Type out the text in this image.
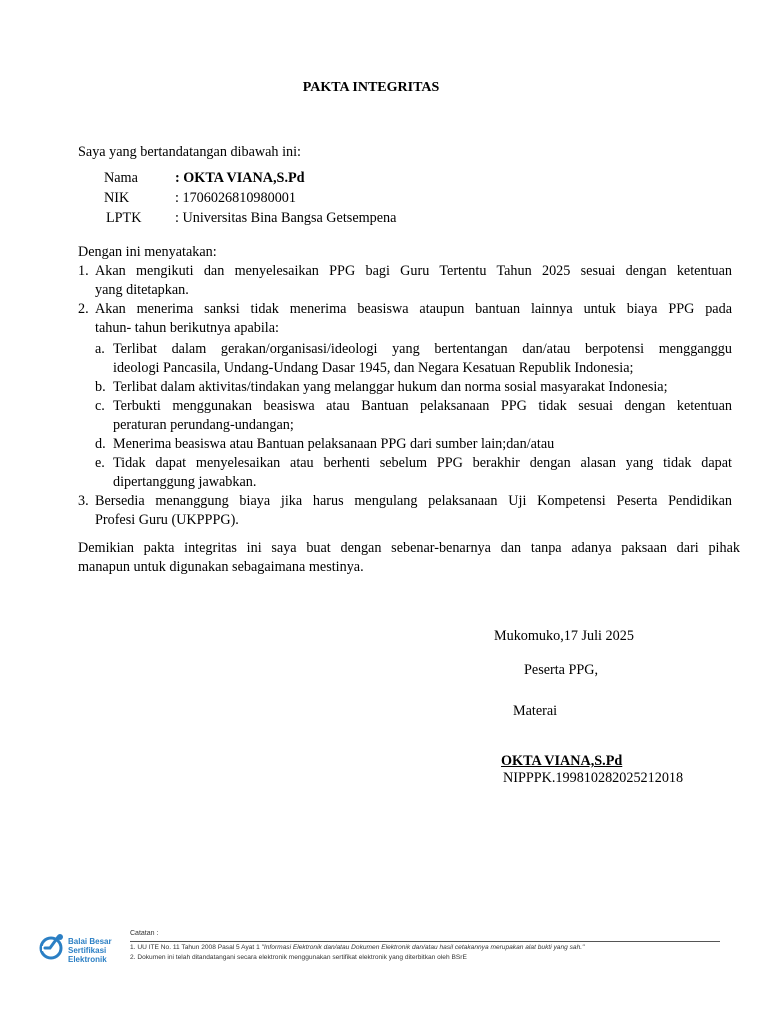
PAKTA INTEGRITAS
Saya yang bertandatangan dibawah ini:
Nama	: OKTA VIANA,S.Pd
NIK	: 1706026810980001
LPTK : Universitas Bina Bangsa Getsempena
Dengan ini menyatakan:
1. Akan mengikuti dan menyelesaikan PPG bagi Guru Tertentu Tahun 2025 sesuai dengan ketentuan
yang ditetapkan.
2. Akan menerima sanksi tidak menerima beasiswa ataupun bantuan lainnya untuk biaya PPG pada
tahun- tahun berikutnya apabila:
a. Terlibat dalam gerakan/organisasi/ideologi yang bertentangan dan/atau berpotensi mengganggu
ideologi Pancasila, Undang-Undang Dasar 1945, dan Negara Kesatuan Republik Indonesia;
b. Terlibat dalam aktivitas/tindakan yang melanggar hukum dan norma sosial masyarakat Indonesia;
c. Terbukti menggunakan beasiswa atau Bantuan pelaksanaan PPG tidak sesuai dengan ketentuan
peraturan perundang-undangan;
d. Menerima beasiswa atau Bantuan pelaksanaan PPG dari sumber lain;dan/atau
e. Tidak dapat menyelesaikan atau berhenti sebelum PPG berakhir dengan alasan yang tidak dapat
dipertanggung jawabkan.
3. Bersedia menanggung biaya jika harus mengulang pelaksanaan Uji Kompetensi Peserta Pendidikan
Profesi Guru (UKPPPG).
Demikian pakta integritas ini saya buat dengan sebenar-benarnya dan tanpa adanya paksaan dari pihak
manapun untuk digunakan sebagaimana mestinya.
Mukomuko,17 Juli 2025
Peserta PPG,
Materai
OKTA VIANA,S.Pd
NIPPPK.199810282025212018
Balai Besar
Sertifikasi
Elektronik
Catatan :
1. UU ITE No. 11 Tahun 2008 Pasal 5 Ayat 1 "Informasi Elektronik dan/atau Dokumen Elektronik dan/atau hasil cetakannya merupakan alat bukti yang sah."
2. Dokumen ini telah ditandatangani secara elektronik menggunakan sertifikat elektronik yang diterbitkan oleh BSrE
